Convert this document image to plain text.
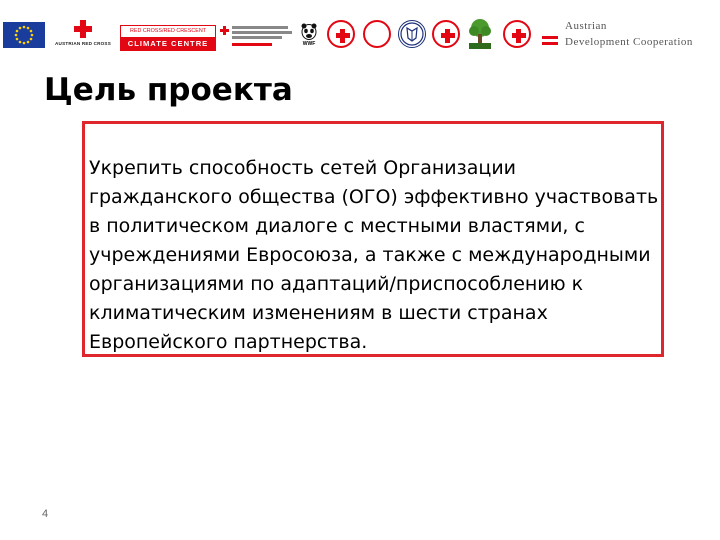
AUSTRIAN RED CROSS
RED CROSS/RED CRESCENT
CLIMATE CENTRE	WWF
Austrian
Development Cooperation
Цель проекта

Укрепить способность сетей Организации гражданского общества (ОГО) эффективно участвовать в политическом диалоге с местными властями, с учреждениями Евросоюза, а также с международными организациями по адаптаций/приспособлению к климатическим изменениям в шести странах Европейского партнерства.

4
